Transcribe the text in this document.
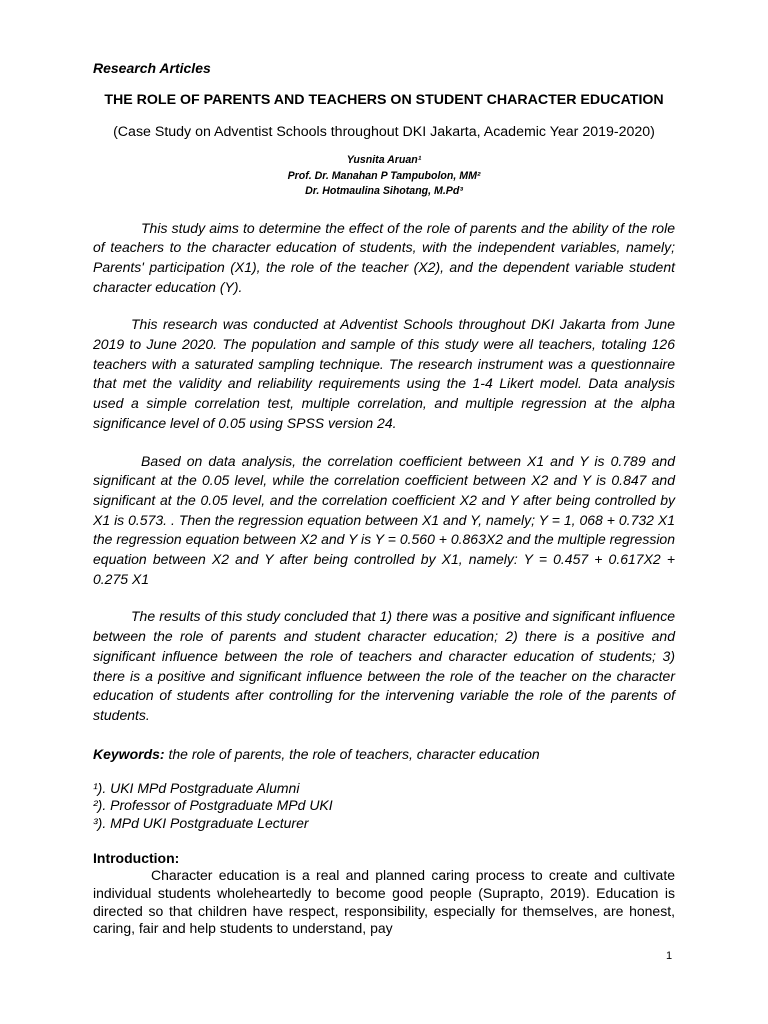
Research Articles
THE ROLE OF PARENTS AND TEACHERS ON STUDENT CHARACTER EDUCATION
(Case Study on Adventist Schools throughout DKI Jakarta, Academic Year 2019-2020)
Yusnita Aruan¹
Prof. Dr. Manahan P Tampubolon, MM²
Dr. Hotmaulina Sihotang, M.Pd³

This study aims to determine the effect of the role of parents and the ability of the role of teachers to the character education of students, with the independent variables, namely; Parents' participation (X1), the role of the teacher (X2), and the dependent variable student character education (Y).

This research was conducted at Adventist Schools throughout DKI Jakarta from June 2019 to June 2020. The population and sample of this study were all teachers, totaling 126 teachers with a saturated sampling technique. The research instrument was a questionnaire that met the validity and reliability requirements using the 1-4 Likert model. Data analysis used a simple correlation test, multiple correlation, and multiple regression at the alpha significance level of 0.05 using SPSS version 24.

Based on data analysis, the correlation coefficient between X1 and Y is 0.789 and significant at the 0.05 level, while the correlation coefficient between X2 and Y is 0.847 and significant at the 0.05 level, and the correlation coefficient X2 and Y after being controlled by X1 is 0.573. . Then the regression equation between X1 and Y, namely; Y = 1, 068 + 0.732 X1 the regression equation between X2 and Y is Y = 0.560 + 0.863X2 and the multiple regression equation between X2 and Y after being controlled by X1, namely: Y = 0.457 + 0.617X2 + 0.275 X1

The results of this study concluded that 1) there was a positive and significant influence between the role of parents and student character education; 2) there is a positive and significant influence between the role of teachers and character education of students; 3) there is a positive and significant influence between the role of the teacher on the character education of students after controlling for the intervening variable the role of the parents of students.

Keywords: the role of parents, the role of teachers, character education
¹). UKI MPd Postgraduate Alumni
²). Professor of Postgraduate MPd UKI
³). MPd UKI Postgraduate Lecturer
Introduction:
Character education is a real and planned caring process to create and cultivate individual students wholeheartedly to become good people (Suprapto, 2019). Education is directed so that children have respect, responsibility, especially for themselves, are honest, caring, fair and help students to understand, pay
1
